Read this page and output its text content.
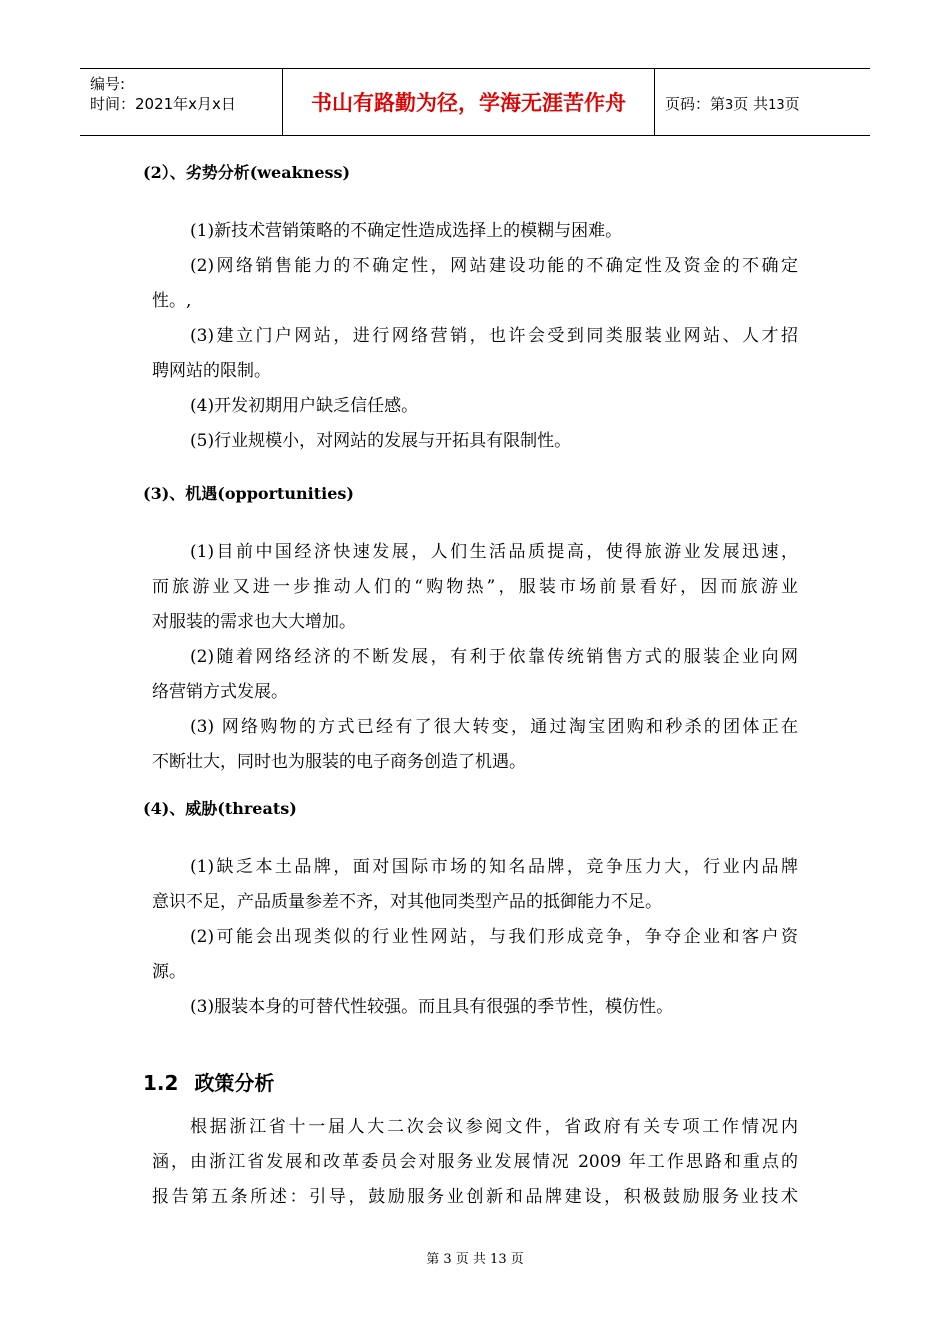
编号:
时间：2021年x月x日	书山有路勤为径，学海无涯苦作舟	页码：第3页 共13页
(2）、劣势分析(weakness)
(1)新技术营销策略的不确定性造成选择上的模糊与困难。
(2)网络销售能力的不确定性，网站建设功能的不确定性及资金的不确定
性。,
(3)建立门户网站，进行网络营销，也许会受到同类服装业网站、人才招
聘网站的限制。
(4)开发初期用户缺乏信任感。
(5)行业规模小，对网站的发展与开拓具有限制性。
(3)、机遇(opportunities)
(1)目前中国经济快速发展，人们生活品质提高，使得旅游业发展迅速，
而旅游业又进一步推动人们的“购物热”，服装市场前景看好，因而旅游业
对服装的需求也大大增加。
(2)随着网络经济的不断发展，有利于依靠传统销售方式的服装企业向网
络营销方式发展。
(3) 网络购物的方式已经有了很大转变，通过淘宝团购和秒杀的团体正在
不断壮大，同时也为服装的电子商务创造了机遇。
(4)、威胁(threats)
(1)缺乏本土品牌，面对国际市场的知名品牌，竞争压力大，行业内品牌
意识不足，产品质量参差不齐，对其他同类型产品的抵御能力不足。
(2)可能会出现类似的行业性网站，与我们形成竞争，争夺企业和客户资
源。
(3)服装本身的可替代性较强。而且具有很强的季节性，模仿性。
1.2 政策分析
根据浙江省十一届人大二次会议参阅文件，省政府有关专项工作情况内
涵，由浙江省发展和改革委员会对服务业发展情况 2009 年工作思路和重点的
报告第五条所述：引导，鼓励服务业创新和品牌建设，积极鼓励服务业技术
第 3 页 共 13 页
